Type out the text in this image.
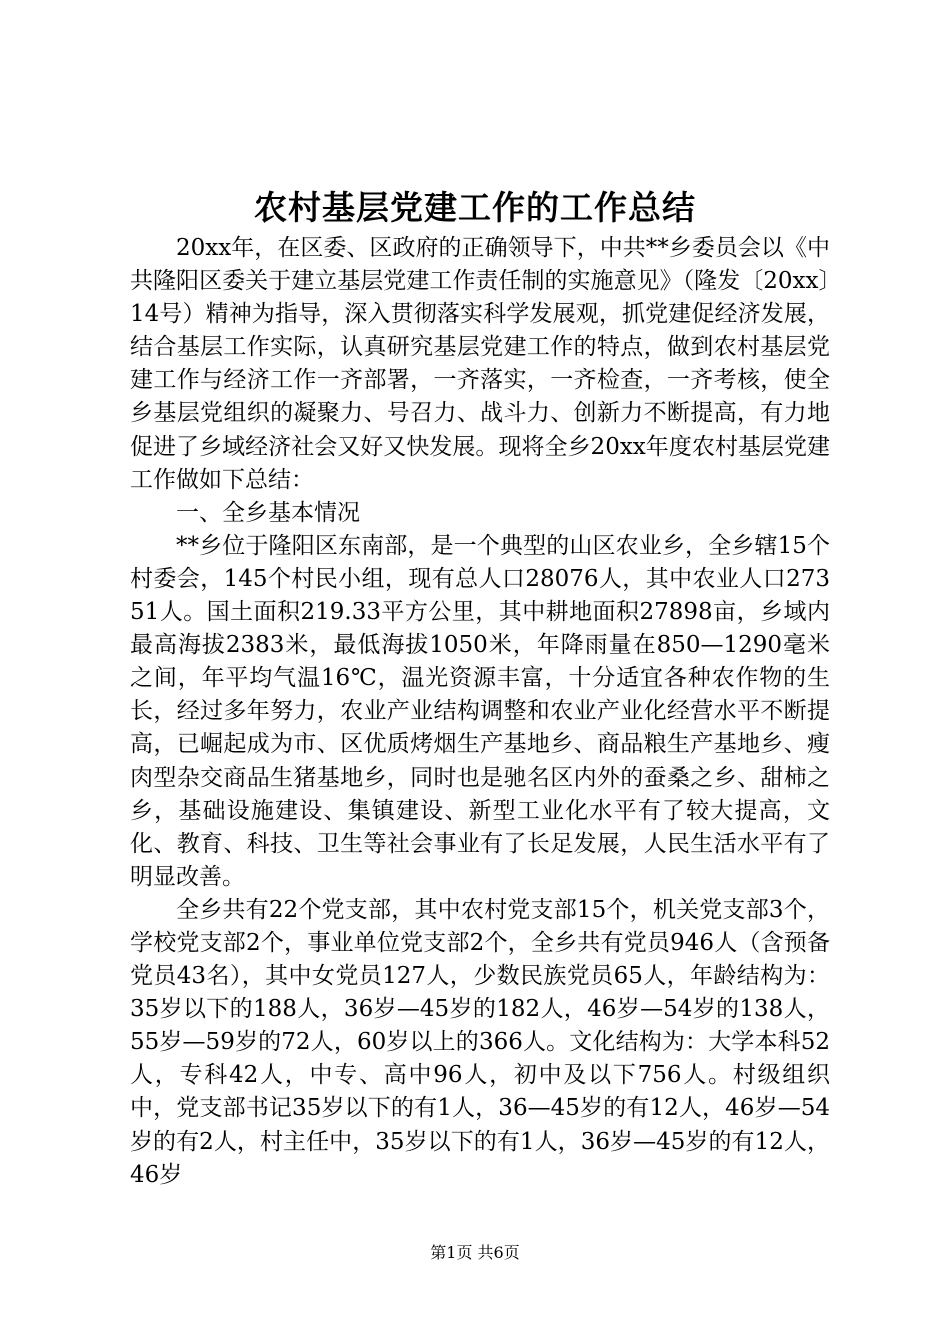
农村基层党建工作的工作总结

20xx年，在区委、区政府的正确领导下，中共**乡委员会以《中共隆阳区委关于建立基层党建工作责任制的实施意见》（隆发〔20xx〕14号）精神为指导，深入贯彻落实科学发展观，抓党建促经济发展，结合基层工作实际，认真研究基层党建工作的特点，做到农村基层党建工作与经济工作一齐部署，一齐落实，一齐检查，一齐考核，使全乡基层党组织的凝聚力、号召力、战斗力、创新力不断提高，有力地促进了乡域经济社会又好又快发展。现将全乡20xx年度农村基层党建工作做如下总结：

一、全乡基本情况

**乡位于隆阳区东南部，是一个典型的山区农业乡，全乡辖15个村委会，145个村民小组，现有总人口28076人，其中农业人口27351人。国土面积219.33平方公里，其中耕地面积27898亩，乡域内最高海拔2383米，最低海拔1050米，年降雨量在850—1290毫米之间，年平均气温16℃，温光资源丰富，十分适宜各种农作物的生长，经过多年努力，农业产业结构调整和农业产业化经营水平不断提高，已崛起成为市、区优质烤烟生产基地乡、商品粮生产基地乡、瘦肉型杂交商品生猪基地乡，同时也是驰名区内外的蚕桑之乡、甜柿之乡，基础设施建设、集镇建设、新型工业化水平有了较大提高，文化、教育、科技、卫生等社会事业有了长足发展，人民生活水平有了明显改善。

全乡共有22个党支部，其中农村党支部15个，机关党支部3个，学校党支部2个，事业单位党支部2个，全乡共有党员946人（含预备党员43名），其中女党员127人，少数民族党员65人，年龄结构为：35岁以下的188人，36岁—45岁的182人，46岁—54岁的138人，55岁—59岁的72人，60岁以上的366人。文化结构为：大学本科52人，专科42人，中专、高中96人，初中及以下756人。村级组织中，党支部书记35岁以下的有1人，36—45岁的有12人，46岁—54岁的有2人，村主任中，35岁以下的有1人，36岁—45岁的有12人，46岁

第1页 共6页
